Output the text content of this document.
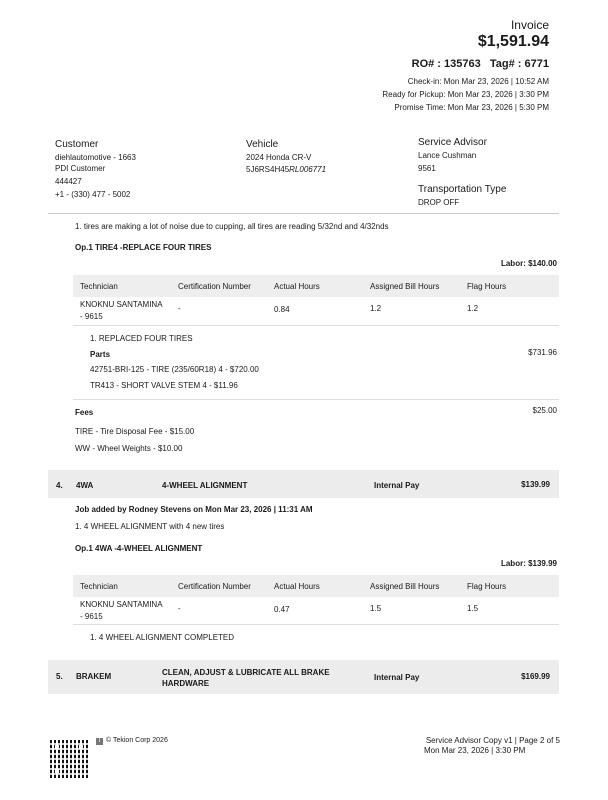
Invoice
$1,591.94
RO# : 135763   Tag# : 6771
Check-in: Mon Mar 23, 2026 | 10:52 AM
Ready for Pickup: Mon Mar 23, 2026 | 3:30 PM
Promise Time: Mon Mar 23, 2026 | 5:30 PM
Customer
diehlautomotive - 1663
PDI Customer
444427
+1 - (330) 477 - 5002
Vehicle
2024 Honda CR-V
5J6RS4H45RL006771
Service Advisor
Lance Cushman
9561
Transportation Type
DROP OFF
1. tires are making a lot of noise due to cupping, all tires are reading 5/32nd and 4/32nds
Op.1 TIRE4 -REPLACE FOUR TIRES
Labor: $140.00
Technician	Certification Number	Actual Hours	Assigned Bill Hours	Flag Hours
KNOKNU SANTAMINA
- 9615
-	0.84	1.2	1.2
1. REPLACED FOUR TIRES
Parts	$731.96
42751-BRI-125 - TIRE (235/60R18) 4 - $720.00
TR413 - SHORT VALVE STEM 4 - $11.96
Fees	$25.00
TIRE - Tire Disposal Fee - $15.00
WW - Wheel Weights - $10.00
4. 4WA	4-WHEEL ALIGNMENT	Internal Pay	$139.99
Job added by Rodney Stevens on Mon Mar 23, 2026 | 11:31 AM
1. 4 WHEEL ALIGNMENT with 4 new tires
Op.1 4WA -4-WHEEL ALIGNMENT
Labor: $139.99
Technician	Certification Number	Actual Hours	Assigned Bill Hours	Flag Hours
KNOKNU SANTAMINA
- 9615
-	0.47	1.5	1.5
1. 4 WHEEL ALIGNMENT COMPLETED
5. BRAKEM	CLEAN, ADJUST & LUBRICATE ALL BRAKE
HARDWARE
Internal Pay	$169.99
T © Tekion Corp 2026	Service Advisor Copy v1 | Page 2 of 5
Mon Mar 23, 2026 | 3:30 PM
